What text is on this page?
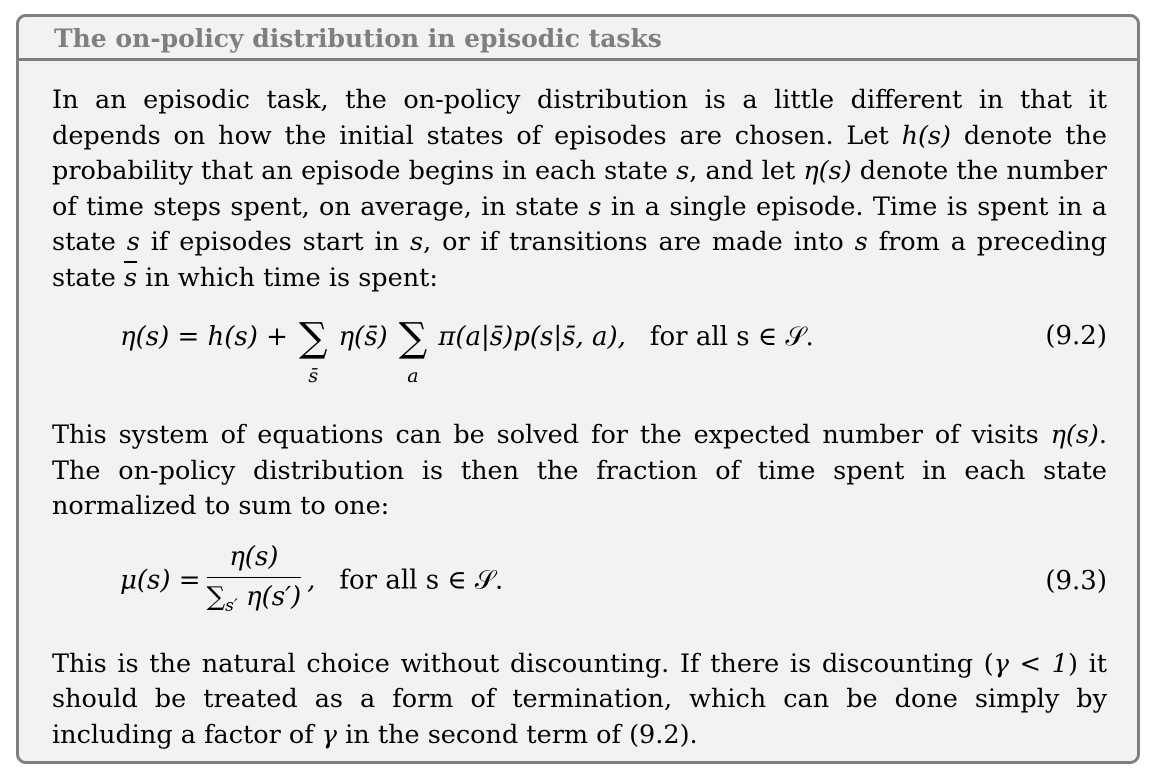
The on-policy distribution in episodic tasks

In an episodic task, the on-policy distribution is a little different in that it depends on how the initial states of episodes are chosen. Let h(s) denote the probability that an episode begins in each state s, and let η(s) denote the number of time steps spent, on average, in state s in a single episode. Time is spent in a state s if episodes start in s, or if transitions are made into s from a preceding state $\overline{s}$ in which time is spent:

η(s) = h(s) + ∑
s̄
η(s̄) ∑
a
π(a|s̄)p(s|s̄, a), for all s ∈ 𝒮.	(9.2)

This system of equations can be solved for the expected number of visits η(s). The on-policy distribution is then the fraction of time spent in each state normalized to sum to one:

$\mu(s) = \frac{\eta(s)}{\sum_{s'} \eta(s')}$ , for all s ∈ 𝒮.	(9.3)

This is the natural choice without discounting. If there is discounting (γ < 1) it should be treated as a form of termination, which can be done simply by including a factor of γ in the second term of (9.2).
